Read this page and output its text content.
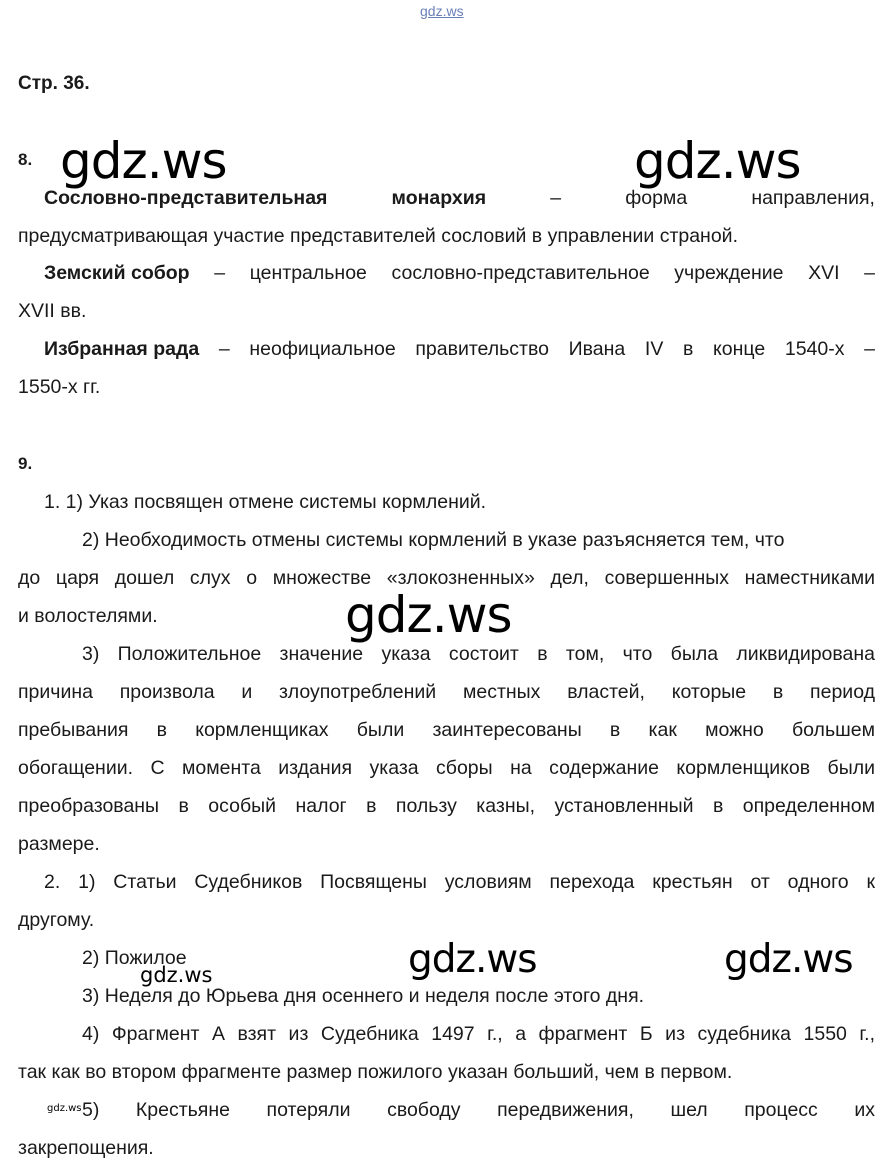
gdz.ws
gdz.ws	gdz.ws
gdz.ws
gdz.ws	gdz.ws
gdz.ws
gdz.ws
Стр. 36.
8.
Сословно-представительная	монархия	–	форма	направления,
предусматривающая участие представителей сословий в управлении страной.
Земский собор – центральное сословно-представительное учреждение XVI –
XVII вв.
Избранная рада – неофициальное правительство Ивана IV в конце 1540-х –
1550-х гг.
9.
1. 1) Указ посвящен отмене системы кормлений.
2) Необходимость отмены системы кормлений в указе разъясняется тем, что
до царя дошел слух о множестве «злокозненных» дел, совершенных наместниками
и волостелями.
3) Положительное значение указа состоит в том, что была ликвидирована
причина произвола и злоупотреблений местных властей, которые в период
пребывания в кормленщиках были заинтересованы в как можно большем
обогащении. С момента издания указа сборы на содержание кормленщиков были
преобразованы в особый налог в пользу казны, установленный в определенном
размере.
2. 1) Статьи Судебников Посвящены условиям перехода крестьян от одного к
другому.
2) Пожилое
3) Неделя до Юрьева дня осеннего и неделя после этого дня.
4) Фрагмент А взят из Судебника 1497 г., а фрагмент Б из судебника 1550 г.,
так как во втором фрагменте размер пожилого указан больший, чем в первом.
5) Крестьяне потеряли свободу передвижения, шел процесс их
закрепощения.
